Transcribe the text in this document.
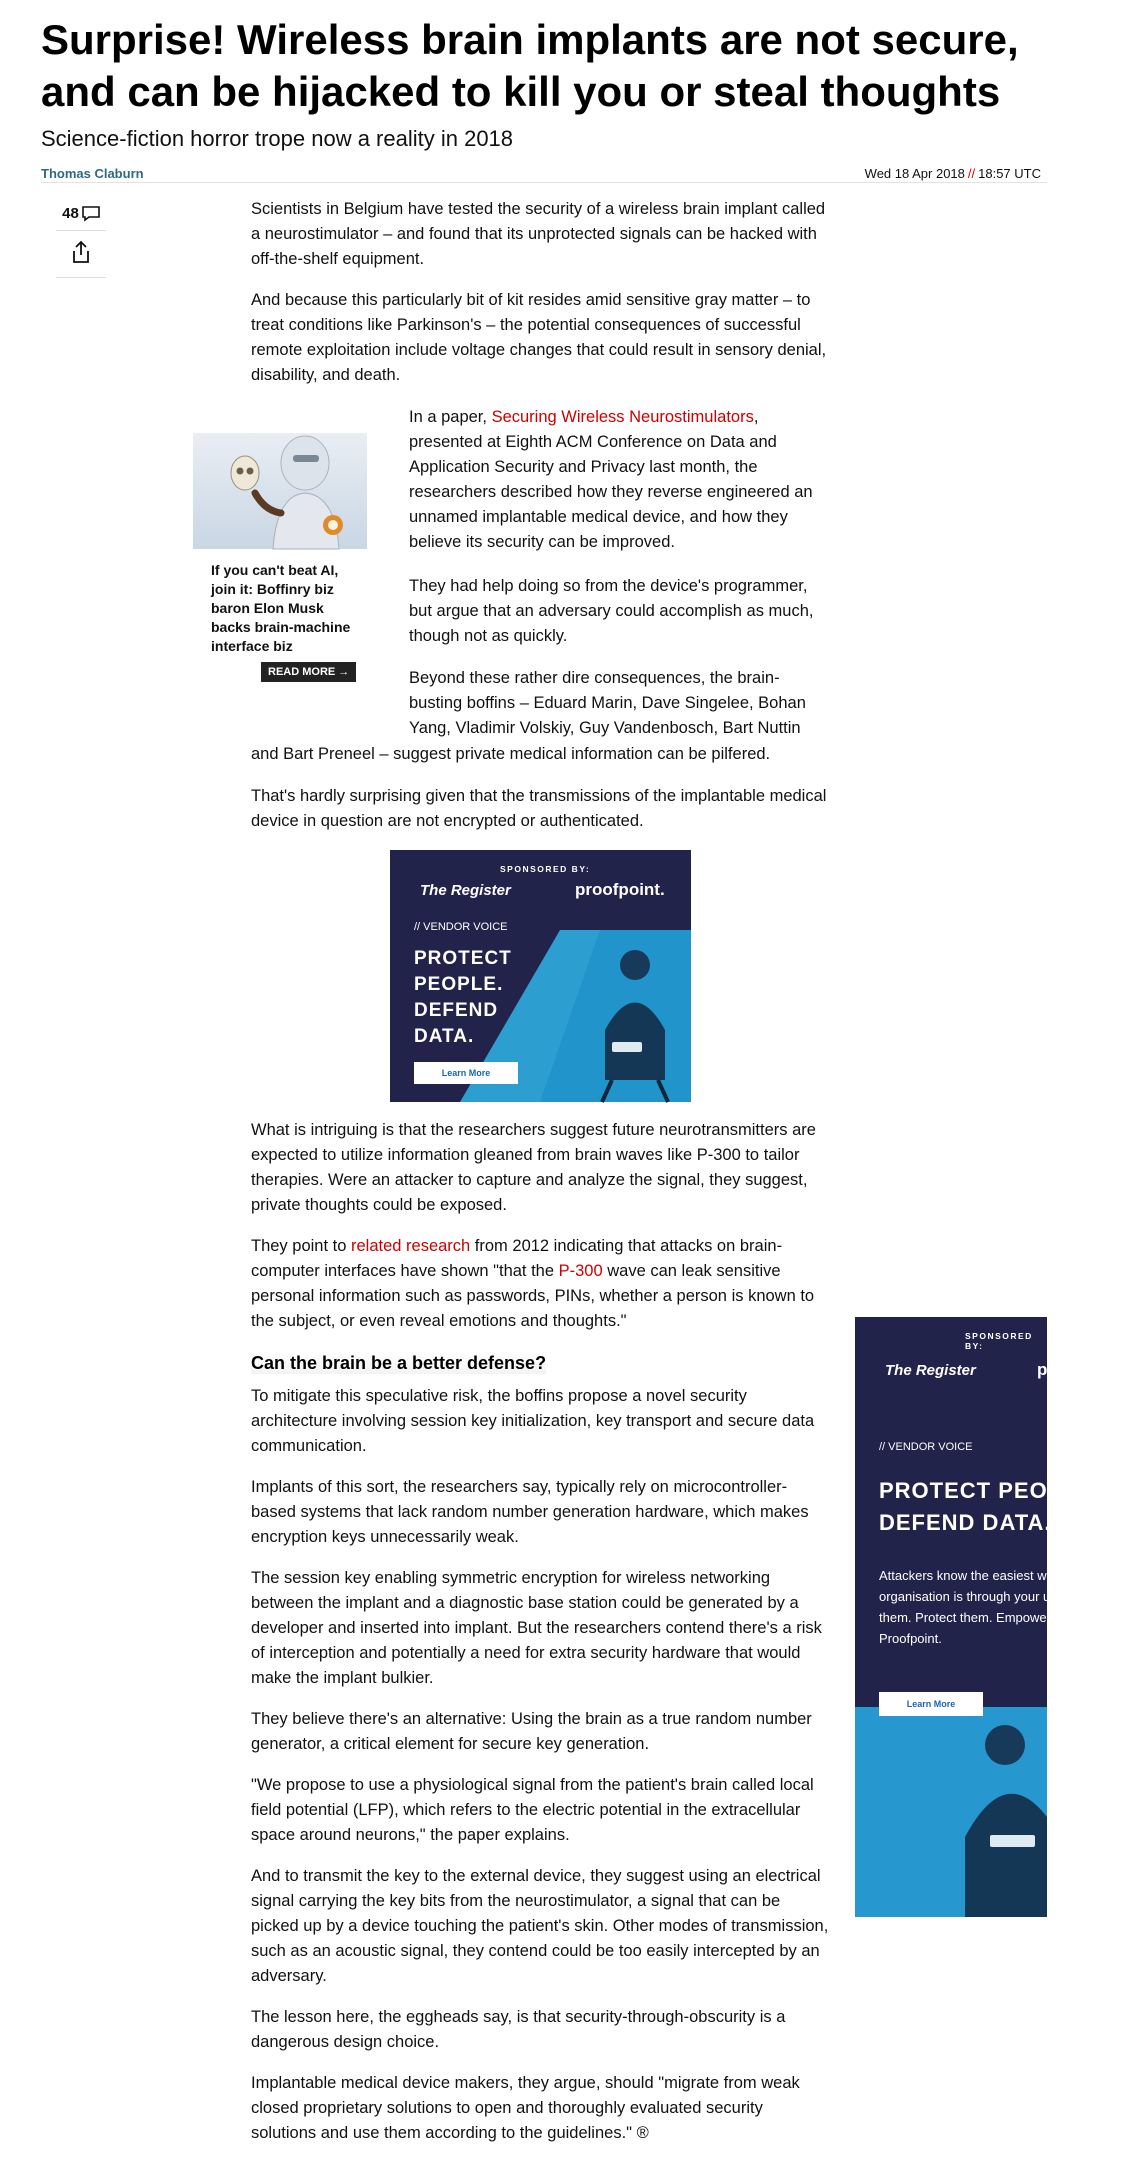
Surprise! Wireless brain implants are not secure, and can be hijacked to kill you or steal thoughts

Science-fiction horror trope now a reality in 2018

Thomas Claburn	Wed 18 Apr 2018 // 18:57 UTC
48	Scientists in Belgium have tested the security of a wireless brain implant called a neurostimulator – and found that its unprotected signals can be hacked with off-the-shelf equipment.

And because this particularly bit of kit resides amid sensitive gray matter – to treat conditions like Parkinson's – the potential consequences of successful remote exploitation include voltage changes that could result in sensory denial, disability, and death.

In a paper, Securing Wireless Neurostimulators, presented at Eighth ACM Conference on Data and Application Security and Privacy last month, the researchers described how they reverse engineered an unnamed implantable medical device, and how they believe its security can be improved.

They had help doing so from the device's programmer, but argue that an adversary could accomplish as much, though not as quickly.

Beyond these rather dire consequences, the brain-busting boffins – Eduard Marin, Dave Singelee, Bohan Yang, Vladimir Volskiy, Guy Vandenbosch, Bart Nuttin

and Bart Preneel – suggest private medical information can be pilfered.

That's hardly surprising given that the transmissions of the implantable medical device in question are not encrypted or authenticated.

What is intriguing is that the researchers suggest future neurotransmitters are expected to utilize information gleaned from brain waves like P-300 to tailor therapies. Were an attacker to capture and analyze the signal, they suggest, private thoughts could be exposed.

They point to related research from 2012 indicating that attacks on brain-computer interfaces have shown "that the P-300 wave can leak sensitive personal information such as passwords, PINs, whether a person is known to the subject, or even reveal emotions and thoughts."

Can the brain be a better defense?

To mitigate this speculative risk, the boffins propose a novel security architecture involving session key initialization, key transport and secure data communication.

Implants of this sort, the researchers say, typically rely on microcontroller-based systems that lack random number generation hardware, which makes encryption keys unnecessarily weak.

The session key enabling symmetric encryption for wireless networking between the implant and a diagnostic base station could be generated by a developer and inserted into implant. But the researchers contend there's a risk of interception and potentially a need for extra security hardware that would make the implant bulkier.

They believe there's an alternative: Using the brain as a true random number generator, a critical element for secure key generation.

"We propose to use a physiological signal from the patient's brain called local field potential (LFP), which refers to the electric potential in the extracellular space around neurons," the paper explains.

And to transmit the key to the external device, they suggest using an electrical signal carrying the key bits from the neurostimulator, a signal that can be picked up by a device touching the patient's skin. Other modes of transmission, such as an acoustic signal, they contend could be too easily intercepted by an adversary.

The lesson here, the eggheads say, is that security-through-obscurity is a dangerous design choice.

Implantable medical device makers, they argue, should "migrate from weak closed proprietary solutions to open and thoroughly evaluated security solutions and use them according to the guidelines." ®

If you can't beat AI, join it: Boffinry biz baron Elon Musk backs brain-machine interface biz
READ MORE →
SPONSORED BY:
The Register	proofpoint.
// VENDOR VOICE
PROTECT PEOPLE. DEFEND DATA.
Learn More
SPONSORED BY:
The Register	p
// VENDOR VOICE
PROTECT PEOPLE. DEFEND DATA.
Attackers know the easiest way into your organisation is through your users. Defend them. Protect them. Empower them with Proofpoint.
Learn More
